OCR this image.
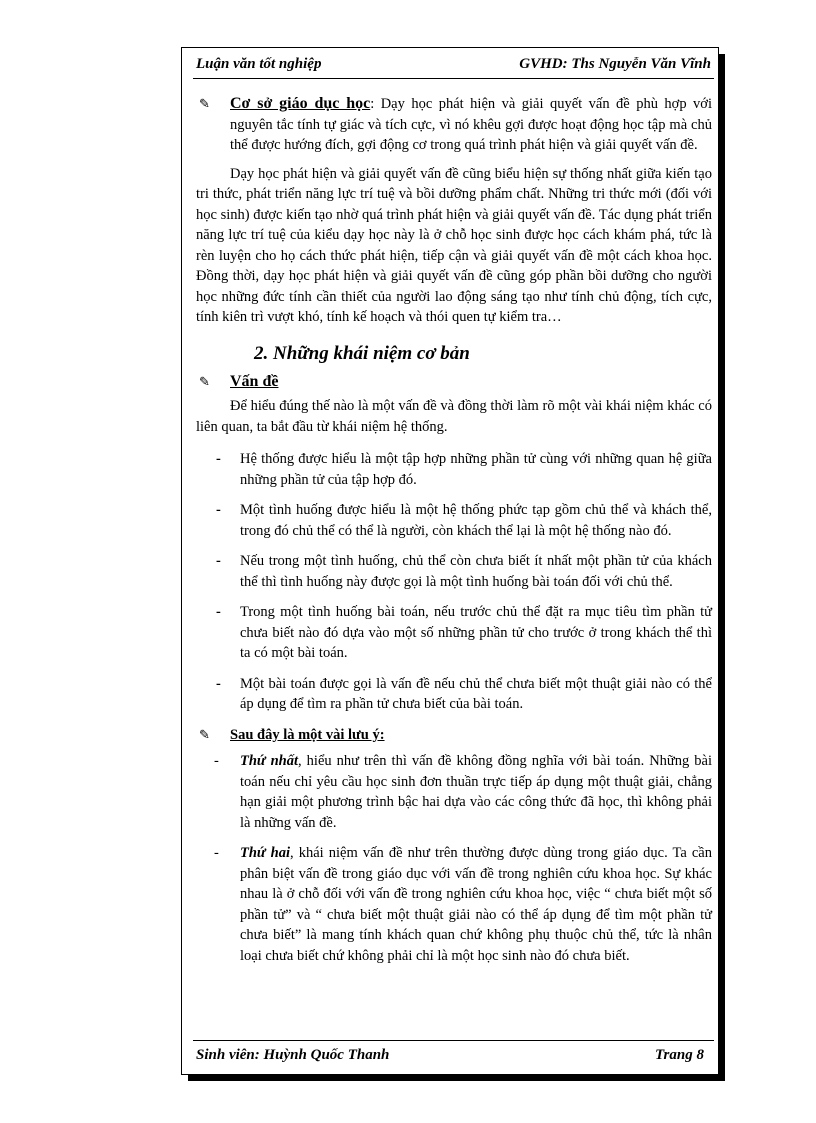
Luận văn tốt nghiệp	GVHD: Ths Nguyễn Văn Vĩnh

✎ Cơ sở giáo dục học: Dạy học phát hiện và giải quyết vấn đề phù hợp với nguyên tắc tính tự giác và tích cực, vì nó khêu gợi được hoạt động học tập mà chủ thể được hướng đích, gợi động cơ trong quá trình phát hiện và giải quyết vấn đề.

Dạy học phát hiện và giải quyết vấn đề cũng biểu hiện sự thống nhất giữa kiến tạo tri thức, phát triển năng lực trí tuệ và bồi dưỡng phẩm chất. Những tri thức mới (đối với học sinh) được kiến tạo nhờ quá trình phát hiện và giải quyết vấn đề. Tác dụng phát triển năng lực trí tuệ của kiểu dạy học này là ở chỗ học sinh được học cách khám phá, tức là rèn luyện cho họ cách thức phát hiện, tiếp cận và giải quyết vấn đề một cách khoa học. Đồng thời, dạy học phát hiện và giải quyết vấn đề cũng góp phần bồi dưỡng cho người học những đức tính cần thiết của người lao động sáng tạo như tính chủ động, tích cực, tính kiên trì vượt khó, tính kế hoạch và thói quen tự kiểm tra…

2. Những khái niệm cơ bản

✎ Vấn đề

Để hiểu đúng thế nào là một vấn đề và đồng thời làm rõ một vài khái niệm khác có liên quan, ta bắt đầu từ khái niệm hệ thống.

- Hệ thống được hiểu là một tập hợp những phần tử cùng với những quan hệ giữa những phần tử của tập hợp đó.

- Một tình huống được hiểu là một hệ thống phức tạp gồm chủ thể và khách thể, trong đó chủ thể có thể là người, còn khách thể lại là một hệ thống nào đó.

- Nếu trong một tình huống, chủ thể còn chưa biết ít nhất một phần tử của khách thể thì tình huống này được gọi là một tình huống bài toán đối với chủ thể.

- Trong một tình huống bài toán, nếu trước chủ thể đặt ra mục tiêu tìm phần tử chưa biết nào đó dựa vào một số những phần tử cho trước ở trong khách thể thì ta có một bài toán.

- Một bài toán được gọi là vấn đề nếu chủ thể chưa biết một thuật giải nào có thể áp dụng để tìm ra phần tử chưa biết của bài toán.

✎ Sau đây là một vài lưu ý:

- Thứ nhất, hiểu như trên thì vấn đề không đồng nghĩa với bài toán. Những bài toán nếu chỉ yêu cầu học sinh đơn thuần trực tiếp áp dụng một thuật giải, chẳng hạn giải một phương trình bậc hai dựa vào các công thức đã học, thì không phải là những vấn đề.

- Thứ hai, khái niệm vấn đề như trên thường được dùng trong giáo dục. Ta cần phân biệt vấn đề trong giáo dục với vấn đề trong nghiên cứu khoa học. Sự khác nhau là ở chỗ đối với vấn đề trong nghiên cứu khoa học, việc “ chưa biết một số phần tử” và “ chưa biết một thuật giải nào có thể áp dụng để tìm một phần tử chưa biết” là mang tính khách quan chứ không phụ thuộc chủ thể, tức là nhân loại chưa biết chứ không phải chỉ là một học sinh nào đó chưa biết.

Sinh viên: Huỳnh Quốc Thanh	Trang 8
